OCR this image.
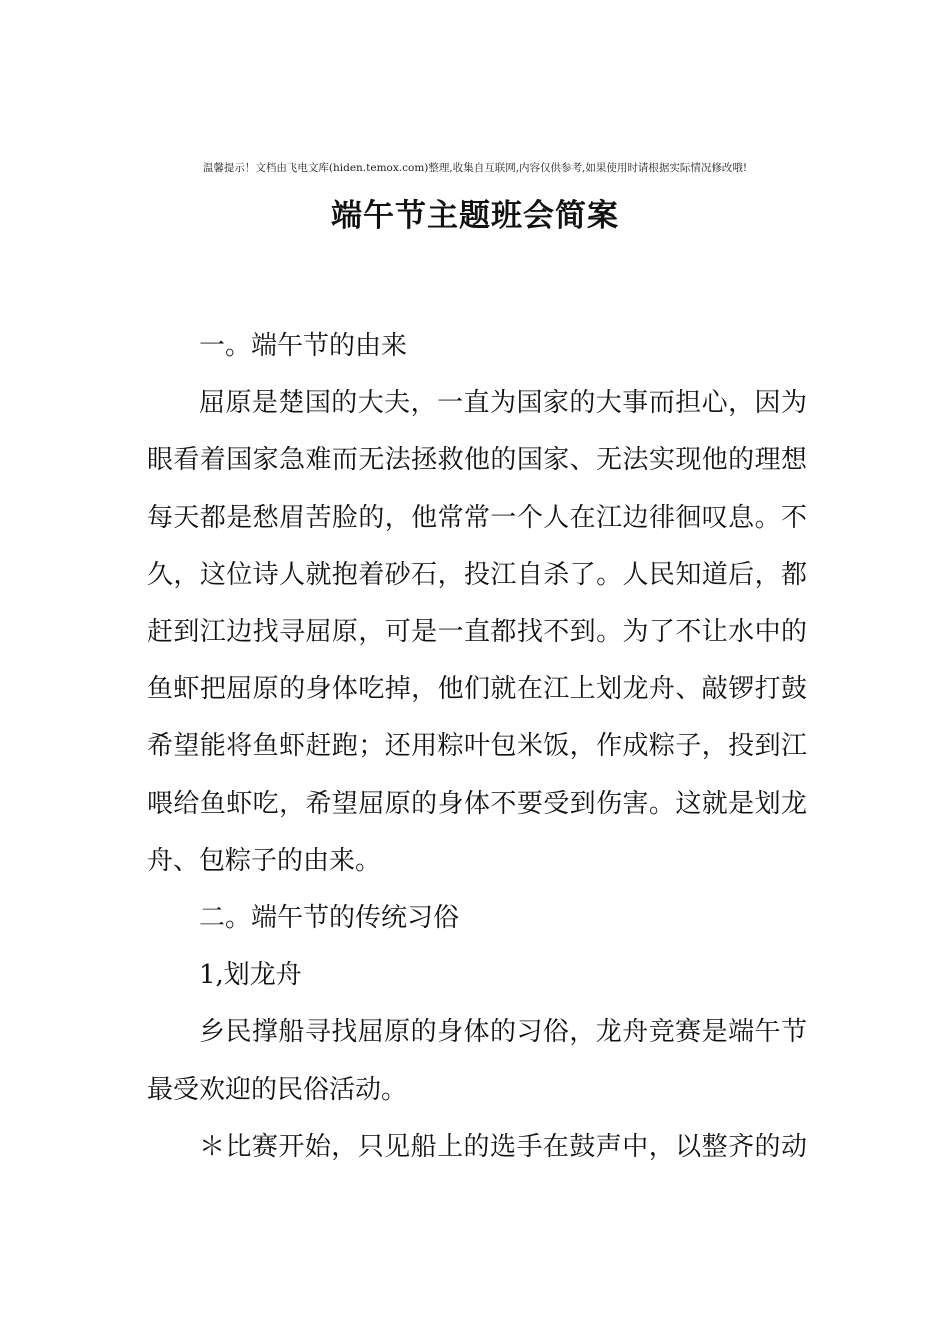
温馨提示！文档由飞电文库(hiden.temox.com)整理,收集自互联网,内容仅供参考,如果使用时请根据实际情况修改哦!
端午节主题班会简案

一。端午节的由来

屈原是楚国的大夫，一直为国家的大事而担心，因为眼看着国家急难而无法拯救他的国家、无法实现他的理想每天都是愁眉苦脸的，他常常一个人在江边徘徊叹息。不久，这位诗人就抱着砂石，投江自杀了。人民知道后，都赶到江边找寻屈原，可是一直都找不到。为了不让水中的鱼虾把屈原的身体吃掉，他们就在江上划龙舟、敲锣打鼓希望能将鱼虾赶跑；还用粽叶包米饭，作成粽子，投到江喂给鱼虾吃，希望屈原的身体不要受到伤害。这就是划龙舟、包粽子的由来。

二。端午节的传统习俗

1,划龙舟

乡民撑船寻找屈原的身体的习俗，龙舟竞赛是端午节最受欢迎的民俗活动。

＊比赛开始，只见船上的选手在鼓声中，以整齐的动
